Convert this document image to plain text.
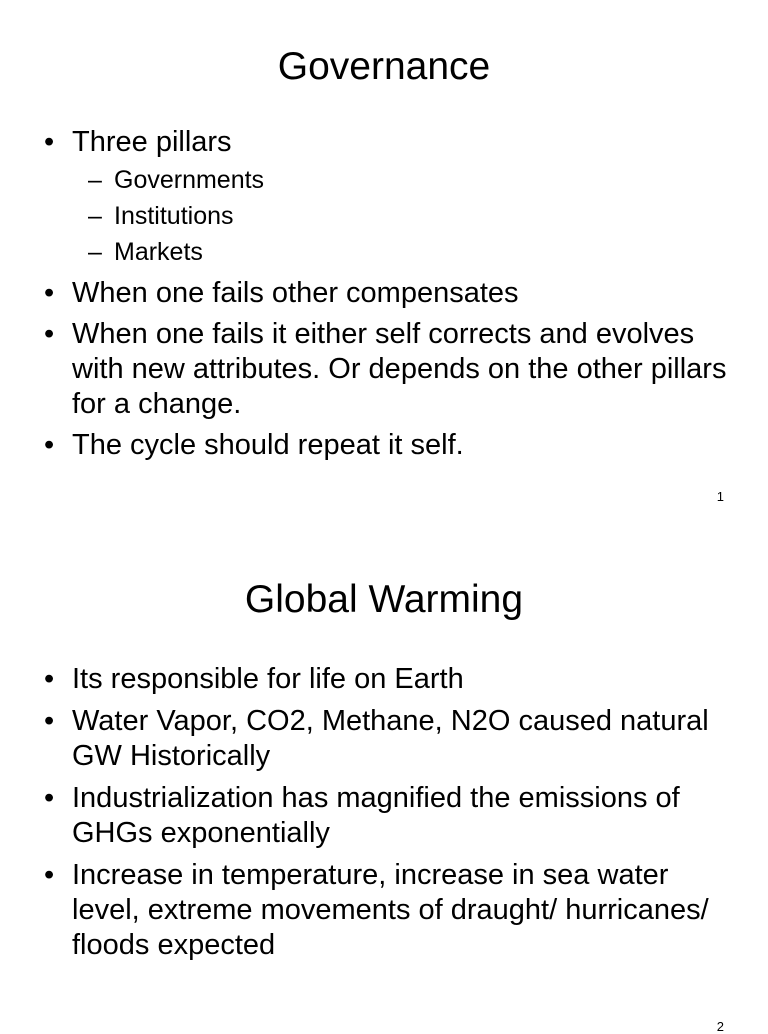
Governance
• Three pillars
– Governments
– Institutions
– Markets
• When one fails other compensates
• When one fails it either self corrects and evolves with new attributes. Or depends on the other pillars for a change.
• The cycle should repeat it self.
1
Global Warming
• Its responsible for life on Earth
• Water Vapor, CO2, Methane, N2O caused natural GW Historically
• Industrialization has magnified the emissions of GHGs exponentially
• Increase in temperature, increase in sea water level, extreme movements of draught/ hurricanes/ floods expected
2
